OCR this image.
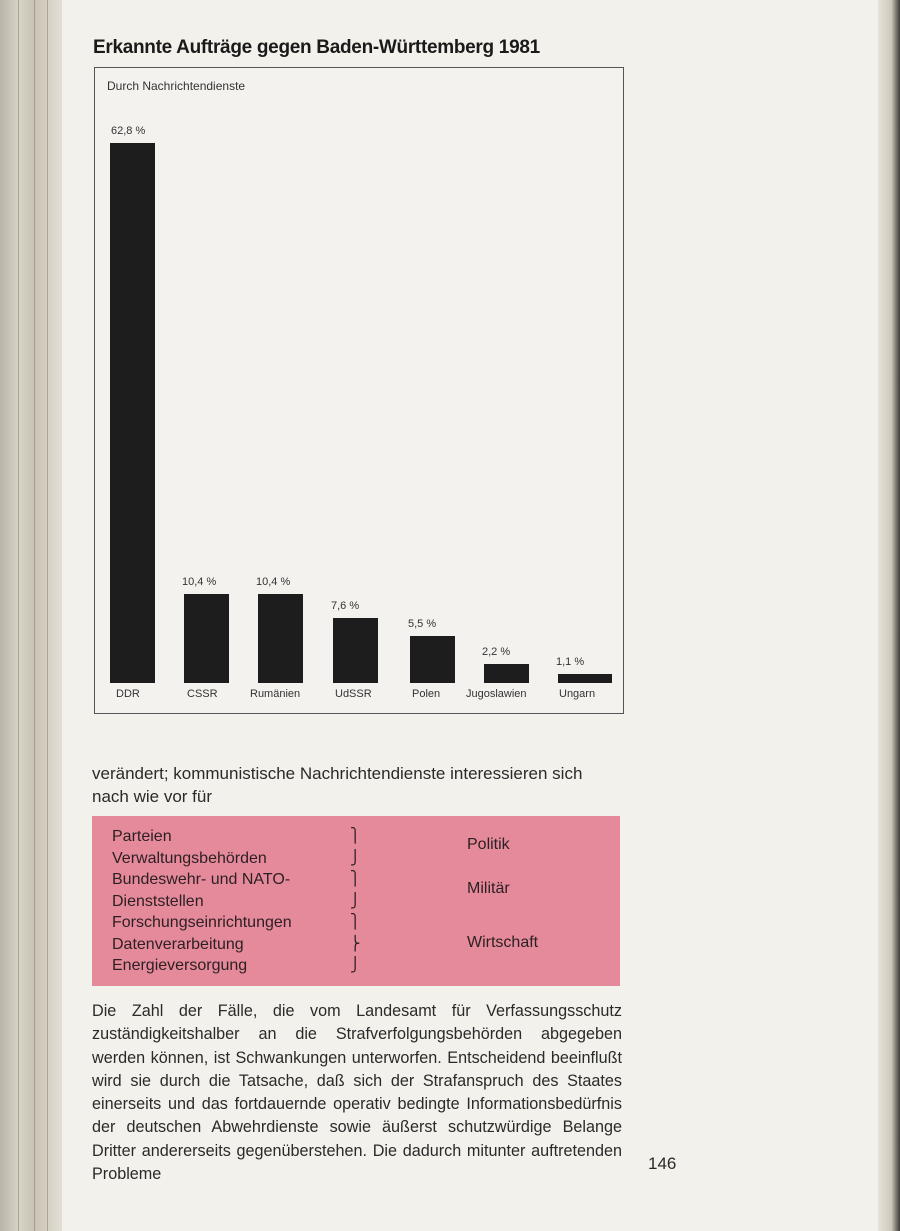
Erkannte Aufträge gegen Baden-Württemberg 1981
Durch Nachrichtendienste
62,8 %
DDR
10,4 %
CSSR
10,4 %
Rumänien
7,6 %
UdSSR
5,5 %
Polen
2,2 %
Jugoslawien
1,1 %
Ungarn

verändert; kommunistische Nachrichtendienste interessieren sich nach wie vor für

Parteien
Verwaltungsbehörden
Bundeswehr- und NATO-
Dienststellen
Forschungseinrichtungen
Datenverarbeitung
Energieversorgung
⎫
⎭
⎫
⎭
⎫
⎬
⎭
Politik
Militär
Wirtschaft

Die Zahl der Fälle, die vom Landesamt für Verfassungsschutz zuständigkeitshalber an die Strafverfolgungsbehörden abgegeben werden können, ist Schwankungen unterworfen. Entscheidend beeinflußt wird sie durch die Tatsache, daß sich der Strafanspruch des Staates einerseits und das fortdauernde operativ bedingte Informationsbedürfnis der deutschen Abwehrdienste sowie äußerst schutzwürdige Belange Dritter andererseits gegenüberstehen. Die dadurch mitunter auftretenden Probleme

146
